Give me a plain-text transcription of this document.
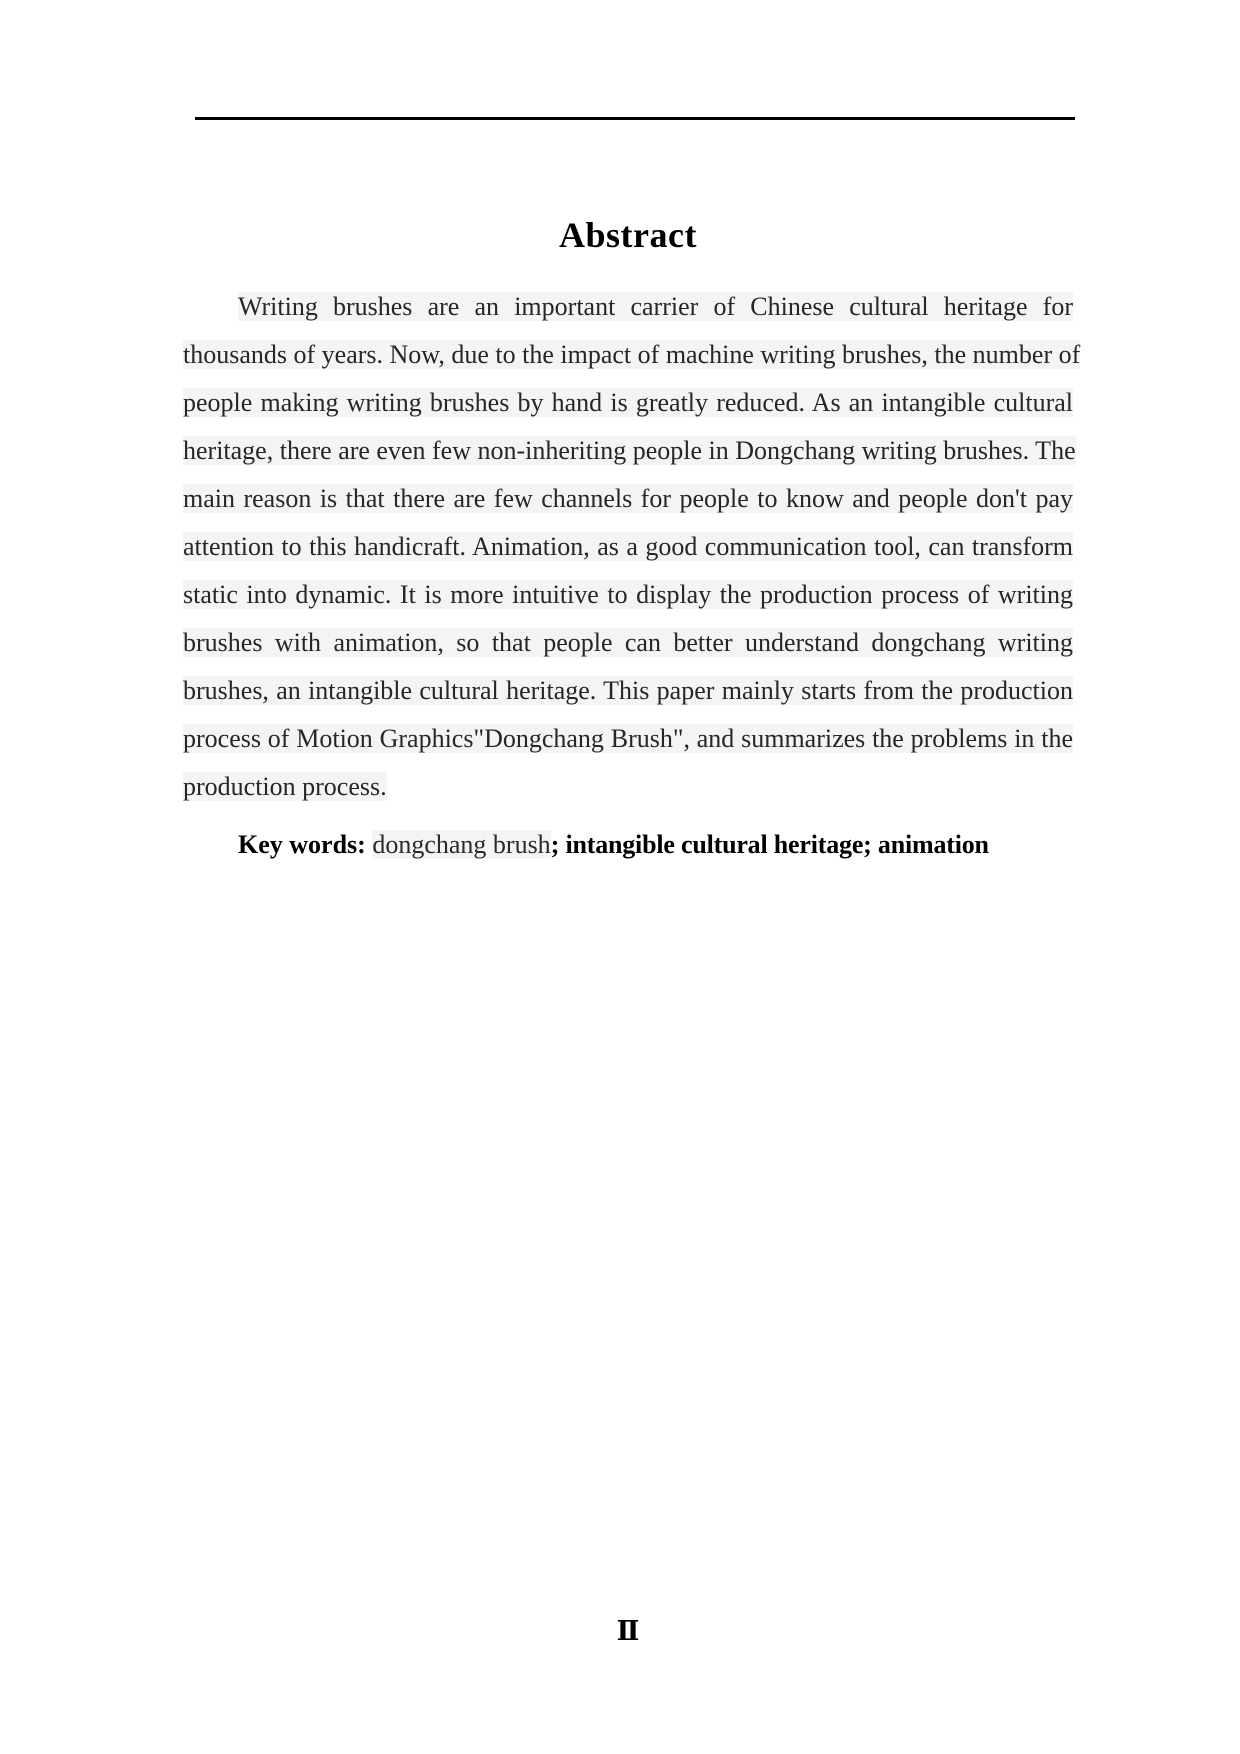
Abstract
Writing brushes are an important carrier of Chinese cultural heritage for
thousands of years. Now, due to the impact of machine writing brushes, the number of
people making writing brushes by hand is greatly reduced. As an intangible cultural
heritage, there are even few non-inheriting people in Dongchang writing brushes. The
main reason is that there are few channels for people to know and people don't pay
attention to this handicraft. Animation, as a good communication tool, can transform
static into dynamic. It is more intuitive to display the production process of writing
brushes with animation, so that people can better understand dongchang writing
brushes, an intangible cultural heritage. This paper mainly starts from the production
process of Motion Graphics"Dongchang Brush", and summarizes the problems in the
production process.
Key words: dongchang brush; intangible cultural heritage; animation
Ⅱ
